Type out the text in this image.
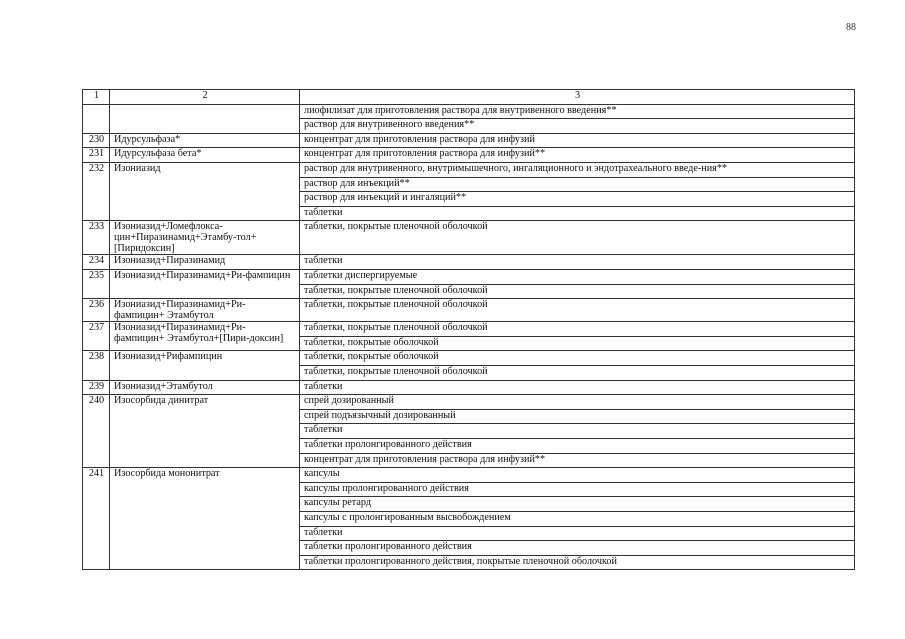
88
1	2	3
		лиофилизат для приготовления раствора для внутривенного введения**
		раствор для внутривенного введения**
230	Идурсульфаза*	концентрат для приготовления раствора для инфузий
231	Идурсульфаза бета*	концентрат для приготовления раствора для инфузий**
232	Изониазид	раствор для внутривенного, внутримышечного, ингаляционного и эндотрахеального введе-ния**
		раствор для инъекций**
		раствор для инъекций и ингаляций**
		таблетки
233	Изониазид+Ломефлокса-цин+Пиразинамид+Этамбу-тол+[Пиридоксин]	таблетки, покрытые пленочной оболочкой
234	Изониазид+Пиразинамид	таблетки
235	Изониазид+Пиразинамид+Ри-фампицин	таблетки диспергируемые
		таблетки, покрытые пленочной оболочкой
236	Изониазид+Пиразинамид+Ри-фампицин+ Этамбутол	таблетки, покрытые пленочной оболочкой
237	Изониазид+Пиразинамид+Ри-фампицин+ Этамбутол+[Пири-доксин]	таблетки, покрытые пленочной оболочкой
		таблетки, покрытые оболочкой
238	Изониазид+Рифампицин	таблетки, покрытые оболочкой
		таблетки, покрытые пленочной оболочкой
239	Изониазид+Этамбутол	таблетки
240	Изосорбида динитрат	спрей дозированный
		спрей подъязычный дозированный
		таблетки
		таблетки пролонгированного действия
		концентрат для приготовления раствора для инфузий**
241	Изосорбида мононитрат	капсулы
		капсулы пролонгированного действия
		капсулы ретард
		капсулы с пролонгированным высвобождением
		таблетки
		таблетки пролонгированного действия
		таблетки пролонгированного действия, покрытые пленочной оболочкой
